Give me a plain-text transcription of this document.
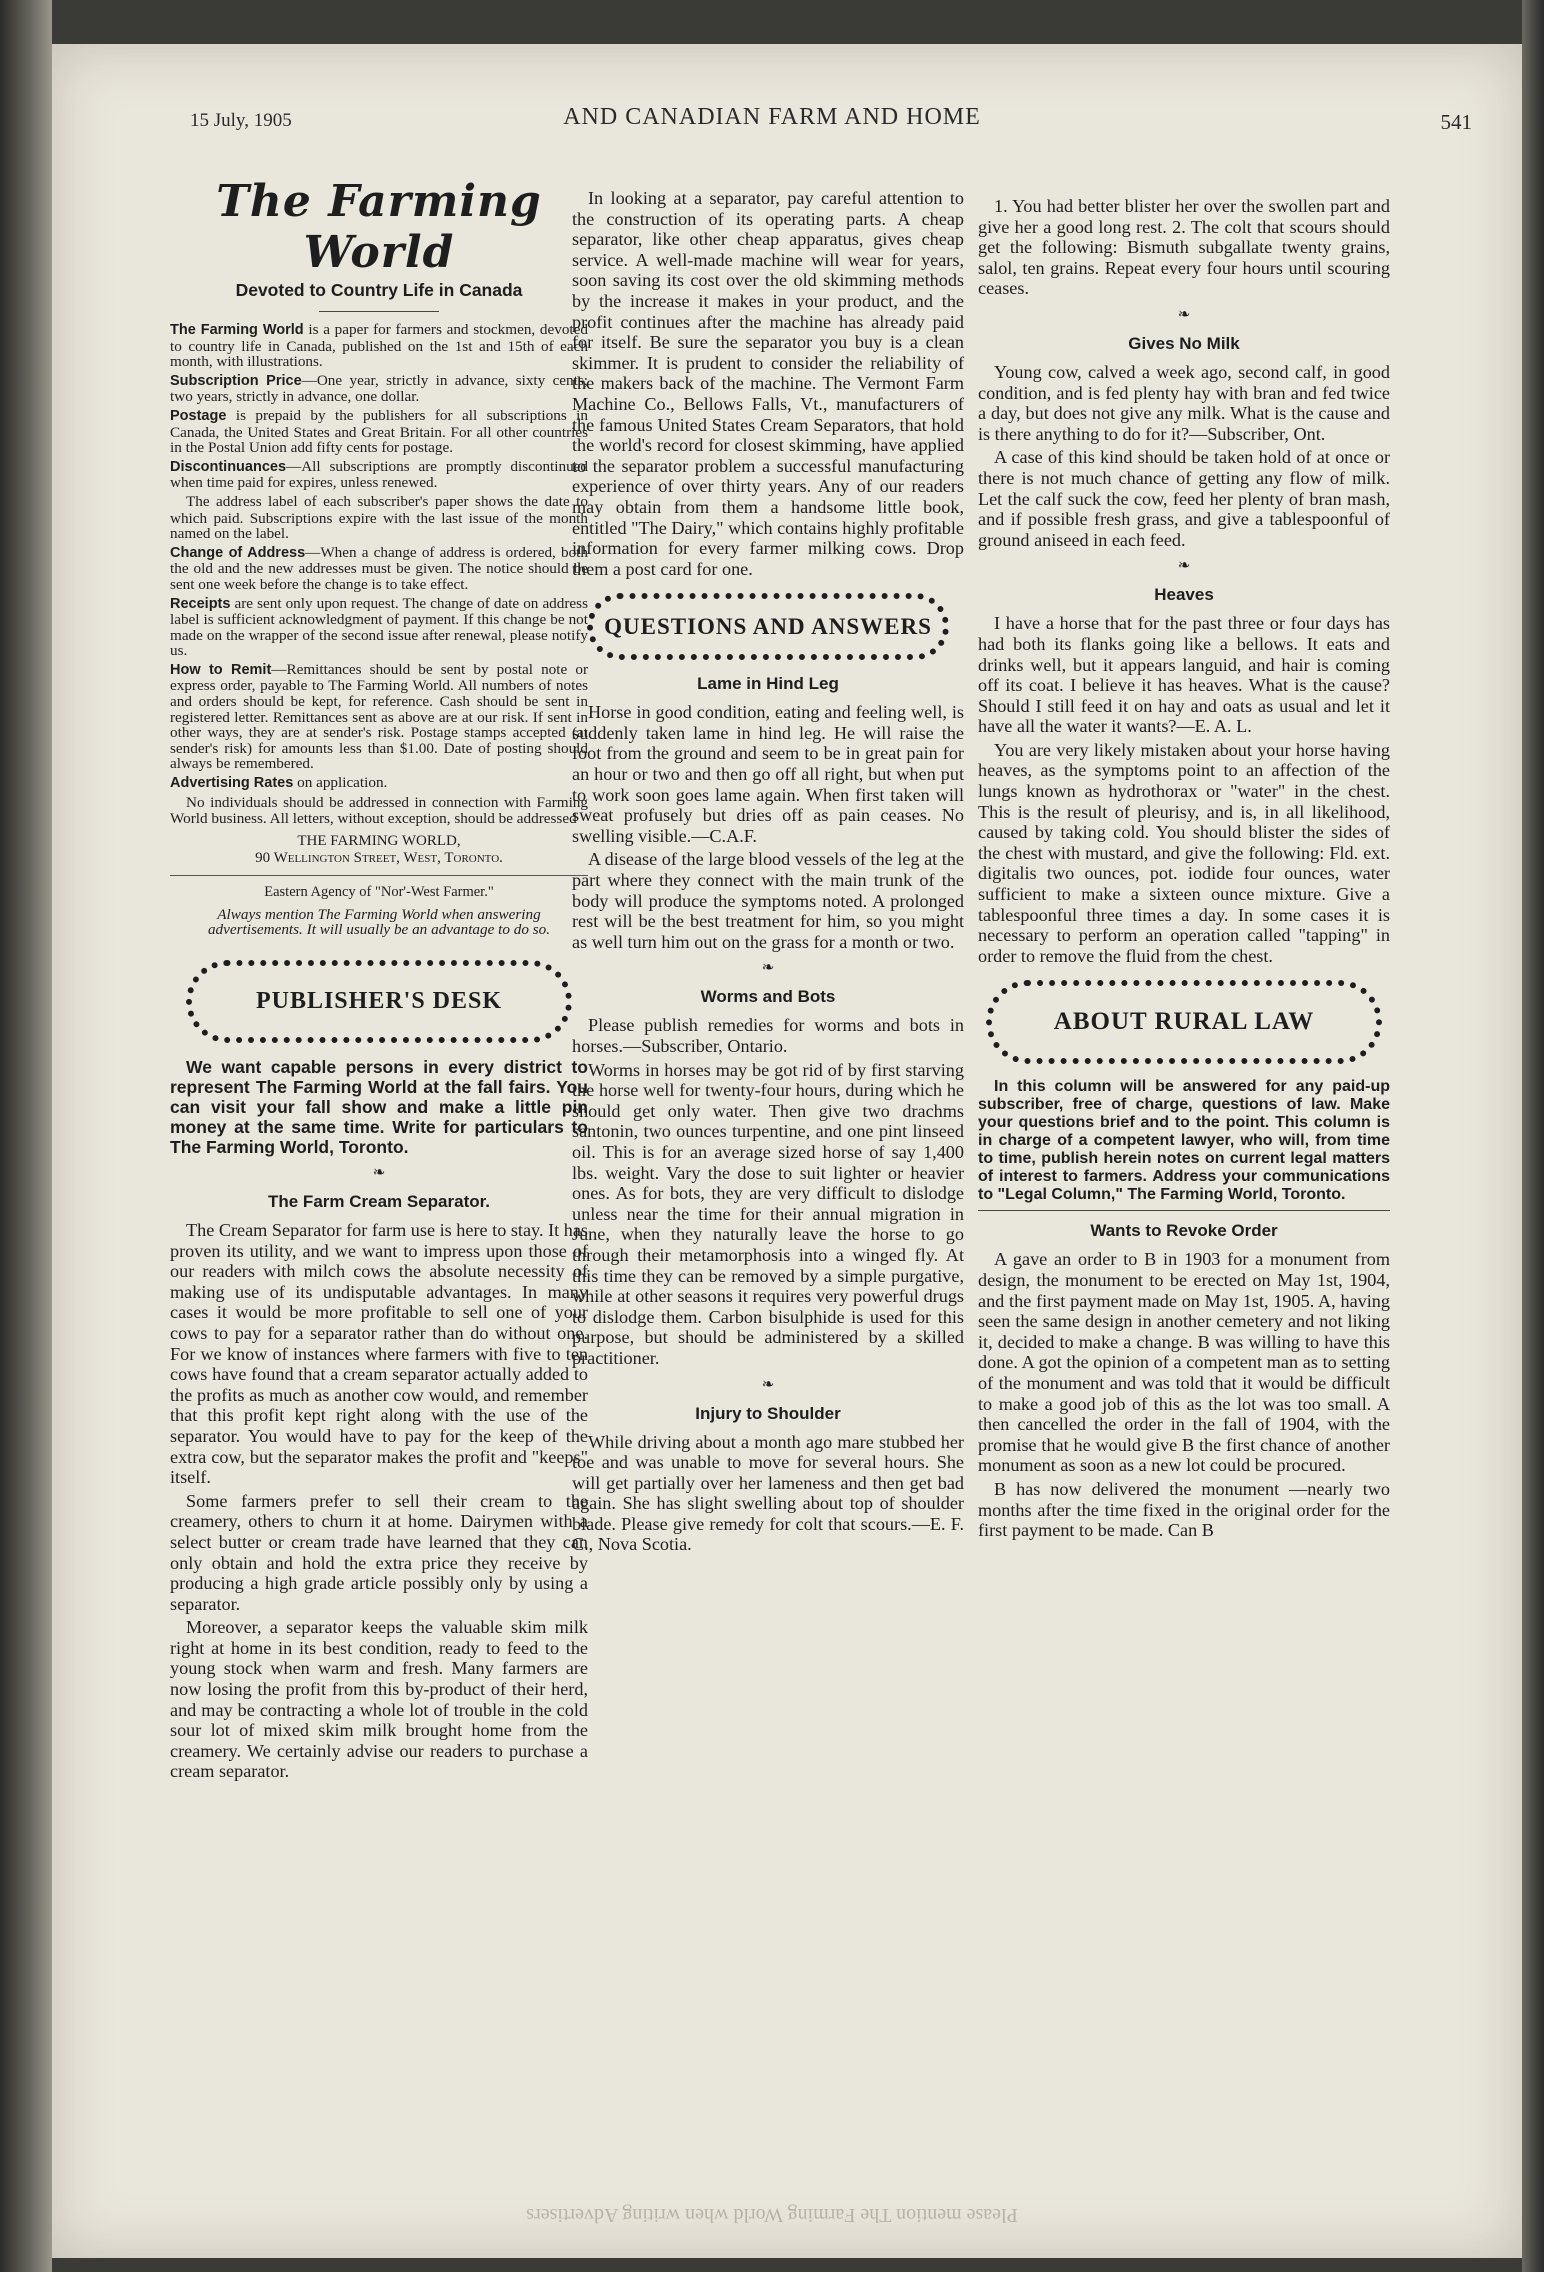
15 July, 1905	AND CANADIAN FARM AND HOME	541
The Farming World
Devoted to Country Life in Canada

The Farming World is a paper for farmers and stockmen, devoted to country life in Canada, published on the 1st and 15th of each month, with illustrations.

Subscription Price—One year, strictly in advance, sixty cents; two years, strictly in advance, one dollar.

Postage is prepaid by the publishers for all subscriptions in Canada, the United States and Great Britain. For all other countries in the Postal Union add fifty cents for postage.

Discontinuances—All subscriptions are promptly discontinued when time paid for expires, unless renewed.

The address label of each subscriber's paper shows the date to which paid. Subscriptions expire with the last issue of the month named on the label.

Change of Address—When a change of address is ordered, both the old and the new addresses must be given. The notice should be sent one week before the change is to take effect.

Receipts are sent only upon request. The change of date on address label is sufficient acknowledgment of payment. If this change be not made on the wrapper of the second issue after renewal, please notify us.

How to Remit—Remittances should be sent by postal note or express order, payable to The Farming World. All numbers of notes and orders should be kept, for reference. Cash should be sent in registered letter. Remittances sent as above are at our risk. If sent in other ways, they are at sender's risk. Postage stamps accepted (at sender's risk) for amounts less than $1.00. Date of posting should always be remembered.

Advertising Rates on application.

No individuals should be addressed in connection with Farming World business. All letters, without exception, should be addressed

THE FARMING WORLD,
90 Wellington Street, West, Toronto.
Eastern Agency of "Nor'-West Farmer."

Always mention The Farming World when answering advertisements. It will usually be an advantage to do so.

PUBLISHER'S DESK

We want capable persons in every district to represent The Farming World at the fall fairs. You can visit your fall show and make a little pin money at the same time. Write for particulars to The Farming World, Toronto.

❧
The Farm Cream Separator.

The Cream Separator for farm use is here to stay. It has proven its utility, and we want to impress upon those of our readers with milch cows the absolute necessity of making use of its undisputable advantages. In many cases it would be more profitable to sell one of your cows to pay for a separator rather than do without one. For we know of instances where farmers with five to ten cows have found that a cream separator actually added to the profits as much as another cow would, and remember that this profit kept right along with the use of the separator. You would have to pay for the keep of the extra cow, but the separator makes the profit and "keeps" itself.

Some farmers prefer to sell their cream to the creamery, others to churn it at home. Dairymen with a select butter or cream trade have learned that they can only obtain and hold the extra price they receive by producing a high grade article possibly only by using a separator.

Moreover, a separator keeps the valuable skim milk right at home in its best condition, ready to feed to the young stock when warm and fresh. Many farmers are now losing the profit from this by-product of their herd, and may be contracting a whole lot of trouble in the cold sour lot of mixed skim milk brought home from the creamery. We certainly advise our readers to purchase a cream separator.

In looking at a separator, pay careful attention to the construction of its operating parts. A cheap separator, like other cheap apparatus, gives cheap service. A well-made machine will wear for years, soon saving its cost over the old skimming methods by the increase it makes in your product, and the profit continues after the machine has already paid for itself. Be sure the separator you buy is a clean skimmer. It is prudent to consider the reliability of the makers back of the machine. The Vermont Farm Machine Co., Bellows Falls, Vt., manufacturers of the famous United States Cream Separators, that hold the world's record for closest skimming, have applied to the separator problem a successful manufacturing experience of over thirty years. Any of our readers may obtain from them a handsome little book, entitled "The Dairy," which contains highly profitable information for every farmer milking cows. Drop them a post card for one.

QUESTIONS AND ANSWERS
Lame in Hind Leg

Horse in good condition, eating and feeling well, is suddenly taken lame in hind leg. He will raise the foot from the ground and seem to be in great pain for an hour or two and then go off all right, but when put to work soon goes lame again. When first taken will sweat profusely but dries off as pain ceases. No swelling visible.—C.A.F.

A disease of the large blood vessels of the leg at the part where they connect with the main trunk of the body will produce the symptoms noted. A prolonged rest will be the best treatment for him, so you might as well turn him out on the grass for a month or two.

❧
Worms and Bots

Please publish remedies for worms and bots in horses.—Subscriber, Ontario.

Worms in horses may be got rid of by first starving the horse well for twenty-four hours, during which he should get only water. Then give two drachms santonin, two ounces turpentine, and one pint linseed oil. This is for an average sized horse of say 1,400 lbs. weight. Vary the dose to suit lighter or heavier ones. As for bots, they are very difficult to dislodge unless near the time for their annual migration in June, when they naturally leave the horse to go through their metamorphosis into a winged fly. At this time they can be removed by a simple purgative, while at other seasons it requires very powerful drugs to dislodge them. Carbon bisulphide is used for this purpose, but should be administered by a skilled practitioner.

❧
Injury to Shoulder

While driving about a month ago mare stubbed her toe and was unable to move for several hours. She will get partially over her lameness and then get bad again. She has slight swelling about top of shoulder blade. Please give remedy for colt that scours.—E. F. C., Nova Scotia.

1. You had better blister her over the swollen part and give her a good long rest. 2. The colt that scours should get the following: Bismuth subgallate twenty grains, salol, ten grains. Repeat every four hours until scouring ceases.

❧
Gives No Milk

Young cow, calved a week ago, second calf, in good condition, and is fed plenty hay with bran and fed twice a day, but does not give any milk. What is the cause and is there anything to do for it?—Subscriber, Ont.

A case of this kind should be taken hold of at once or there is not much chance of getting any flow of milk. Let the calf suck the cow, feed her plenty of bran mash, and if possible fresh grass, and give a tablespoonful of ground aniseed in each feed.

❧
Heaves

I have a horse that for the past three or four days has had both its flanks going like a bellows. It eats and drinks well, but it appears languid, and hair is coming off its coat. I believe it has heaves. What is the cause? Should I still feed it on hay and oats as usual and let it have all the water it wants?—E. A. L.

You are very likely mistaken about your horse having heaves, as the symptoms point to an affection of the lungs known as hydrothorax or "water" in the chest. This is the result of pleurisy, and is, in all likelihood, caused by taking cold. You should blister the sides of the chest with mustard, and give the following: Fld. ext. digitalis two ounces, pot. iodide four ounces, water sufficient to make a sixteen ounce mixture. Give a tablespoonful three times a day. In some cases it is necessary to perform an operation called "tapping" in order to remove the fluid from the chest.

ABOUT RURAL LAW

In this column will be answered for any paid-up subscriber, free of charge, questions of law. Make your questions brief and to the point. This column is in charge of a competent lawyer, who will, from time to time, publish herein notes on current legal matters of interest to farmers. Address your communications to "Legal Column," The Farming World, Toronto.

Wants to Revoke Order

A gave an order to B in 1903 for a monument from design, the monument to be erected on May 1st, 1904, and the first payment made on May 1st, 1905. A, having seen the same design in another cemetery and not liking it, decided to make a change. B was willing to have this done. A got the opinion of a competent man as to setting of the monument and was told that it would be difficult to make a good job of this as the lot was too small. A then cancelled the order in the fall of 1904, with the promise that he would give B the first chance of another monument as soon as a new lot could be procured.

B has now delivered the monument —nearly two months after the time fixed in the original order for the first payment to be made. Can B

Please mention The Farming World when writing Advertisers
